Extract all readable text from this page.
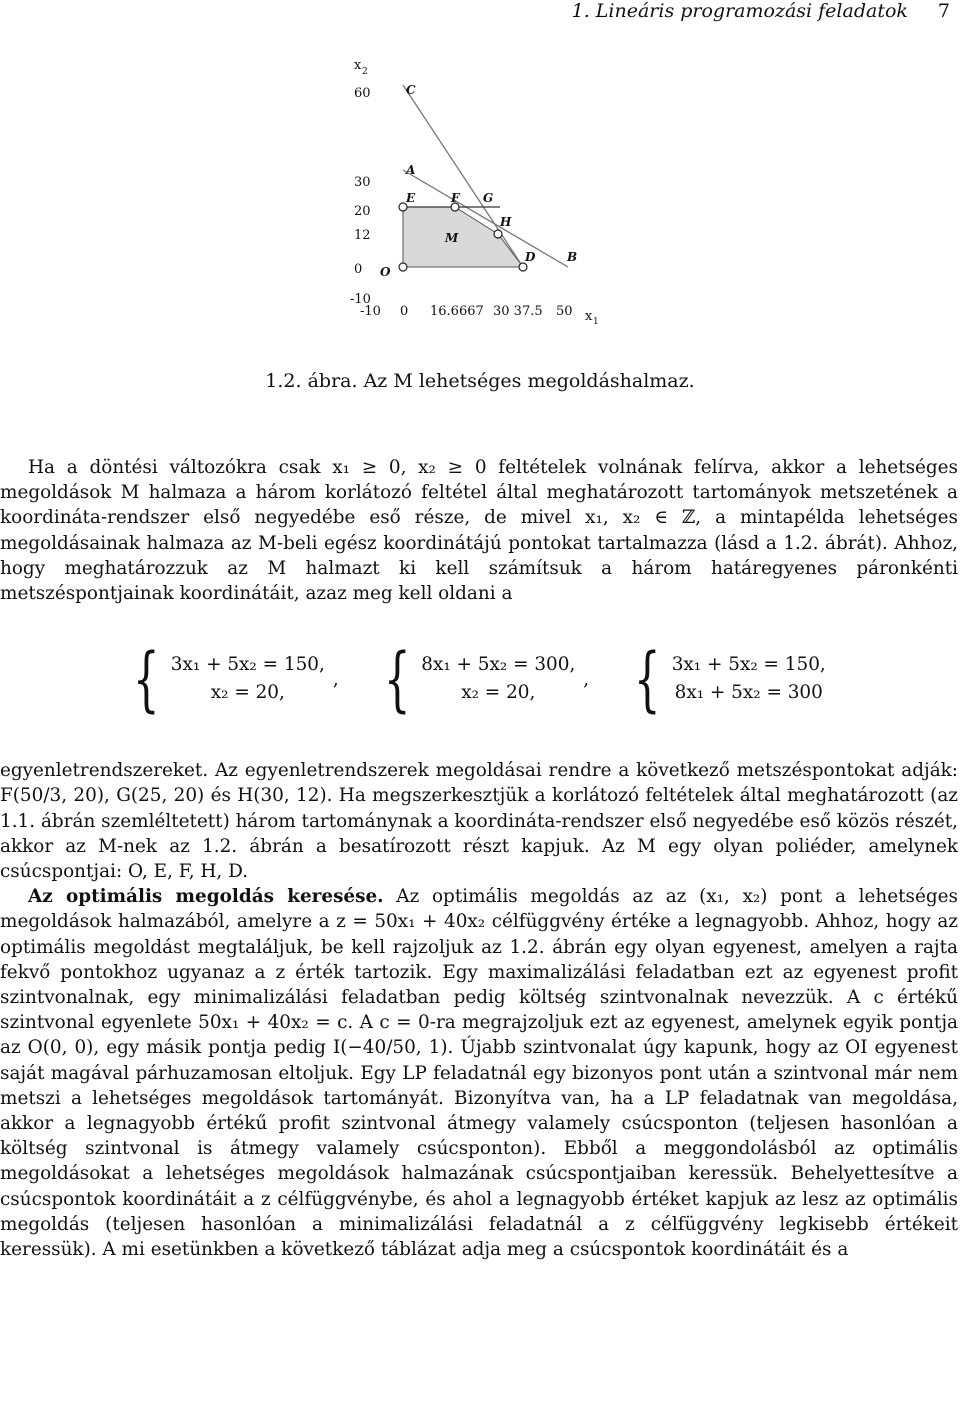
1. Lineáris programozási feladatok 7
x 2
x 1
60
30
20
12
0
-10
-10 0 16.6667 30 37.5 50
C
A
E	F G
H
M
D	B
O
1.2. ábra. Az M lehetséges megoldáshalmaz.

Ha a döntési változókra csak x₁ ≥ 0, x₂ ≥ 0 feltételek volnának felírva, akkor a lehetséges megoldások M halmaza a három korlátozó feltétel által meghatározott tartományok metszetének a koordináta-rendszer első negyedébe eső része, de mivel x₁, x₂ ∈ ℤ, a mintapélda lehetséges megoldásainak halmaza az M-beli egész koordinátájú pontokat tartalmazza (lásd a 1.2. ábrát). Ahhoz, hogy meghatározzuk az M halmazt ki kell számítsuk a három határegyenes páronkénti metszéspontjainak koordinátáit, azaz meg kell oldani a

{ 3x₁ + 5x₂ = 150,
x₂ = 20,
, { 8x₁ + 5x₂ = 300,
x₂ = 20,
, { 3x₁ + 5x₂ = 150,
8x₁ + 5x₂ = 300

egyenletrendszereket. Az egyenletrendszerek megoldásai rendre a következő metszéspontokat adják: F(50/3, 20), G(25, 20) és H(30, 12). Ha megszerkesztjük a korlátozó feltételek által meghatározott (az 1.1. ábrán szemléltetett) három tartománynak a koordináta-rendszer első negyedébe eső közös részét, akkor az M-nek az 1.2. ábrán a besatírozott részt kapjuk. Az M egy olyan poliéder, amelynek csúcspontjai: O, E, F, H, D.

Az optimális megoldás keresése. Az optimális megoldás az az (x₁, x₂) pont a lehetséges megoldások halmazából, amelyre a z = 50x₁ + 40x₂ célfüggvény értéke a legnagyobb. Ahhoz, hogy az optimális megoldást megtaláljuk, be kell rajzoljuk az 1.2. ábrán egy olyan egyenest, amelyen a rajta fekvő pontokhoz ugyanaz a z érték tartozik. Egy maximalizálási feladatban ezt az egyenest profit szintvonalnak, egy minimalizálási feladatban pedig költség szintvonalnak nevezzük. A c értékű szintvonal egyenlete 50x₁ + 40x₂ = c. A c = 0-ra megrajzoljuk ezt az egyenest, amelynek egyik pontja az O(0, 0), egy másik pontja pedig I(−40/50, 1). Újabb szintvonalat úgy kapunk, hogy az OI egyenest saját magával párhuzamosan eltoljuk. Egy LP feladatnál egy bizonyos pont után a szintvonal már nem metszi a lehetséges megoldások tartományát. Bizonyítva van, ha a LP feladatnak van megoldása, akkor a legnagyobb értékű profit szintvonal átmegy valamely csúcsponton (teljesen hasonlóan a költség szintvonal is átmegy valamely csúcsponton). Ebből a meggondolásból az optimális megoldásokat a lehetséges megoldások halmazának csúcspontjaiban keressük. Behelyettesítve a csúcspontok koordinátáit a z célfüggvénybe, és ahol a legnagyobb értéket kapjuk az lesz az optimális megoldás (teljesen hasonlóan a minimalizálási feladatnál a z célfüggvény legkisebb értékeit keressük). A mi esetünkben a következő táblázat adja meg a csúcspontok koordinátáit és a
